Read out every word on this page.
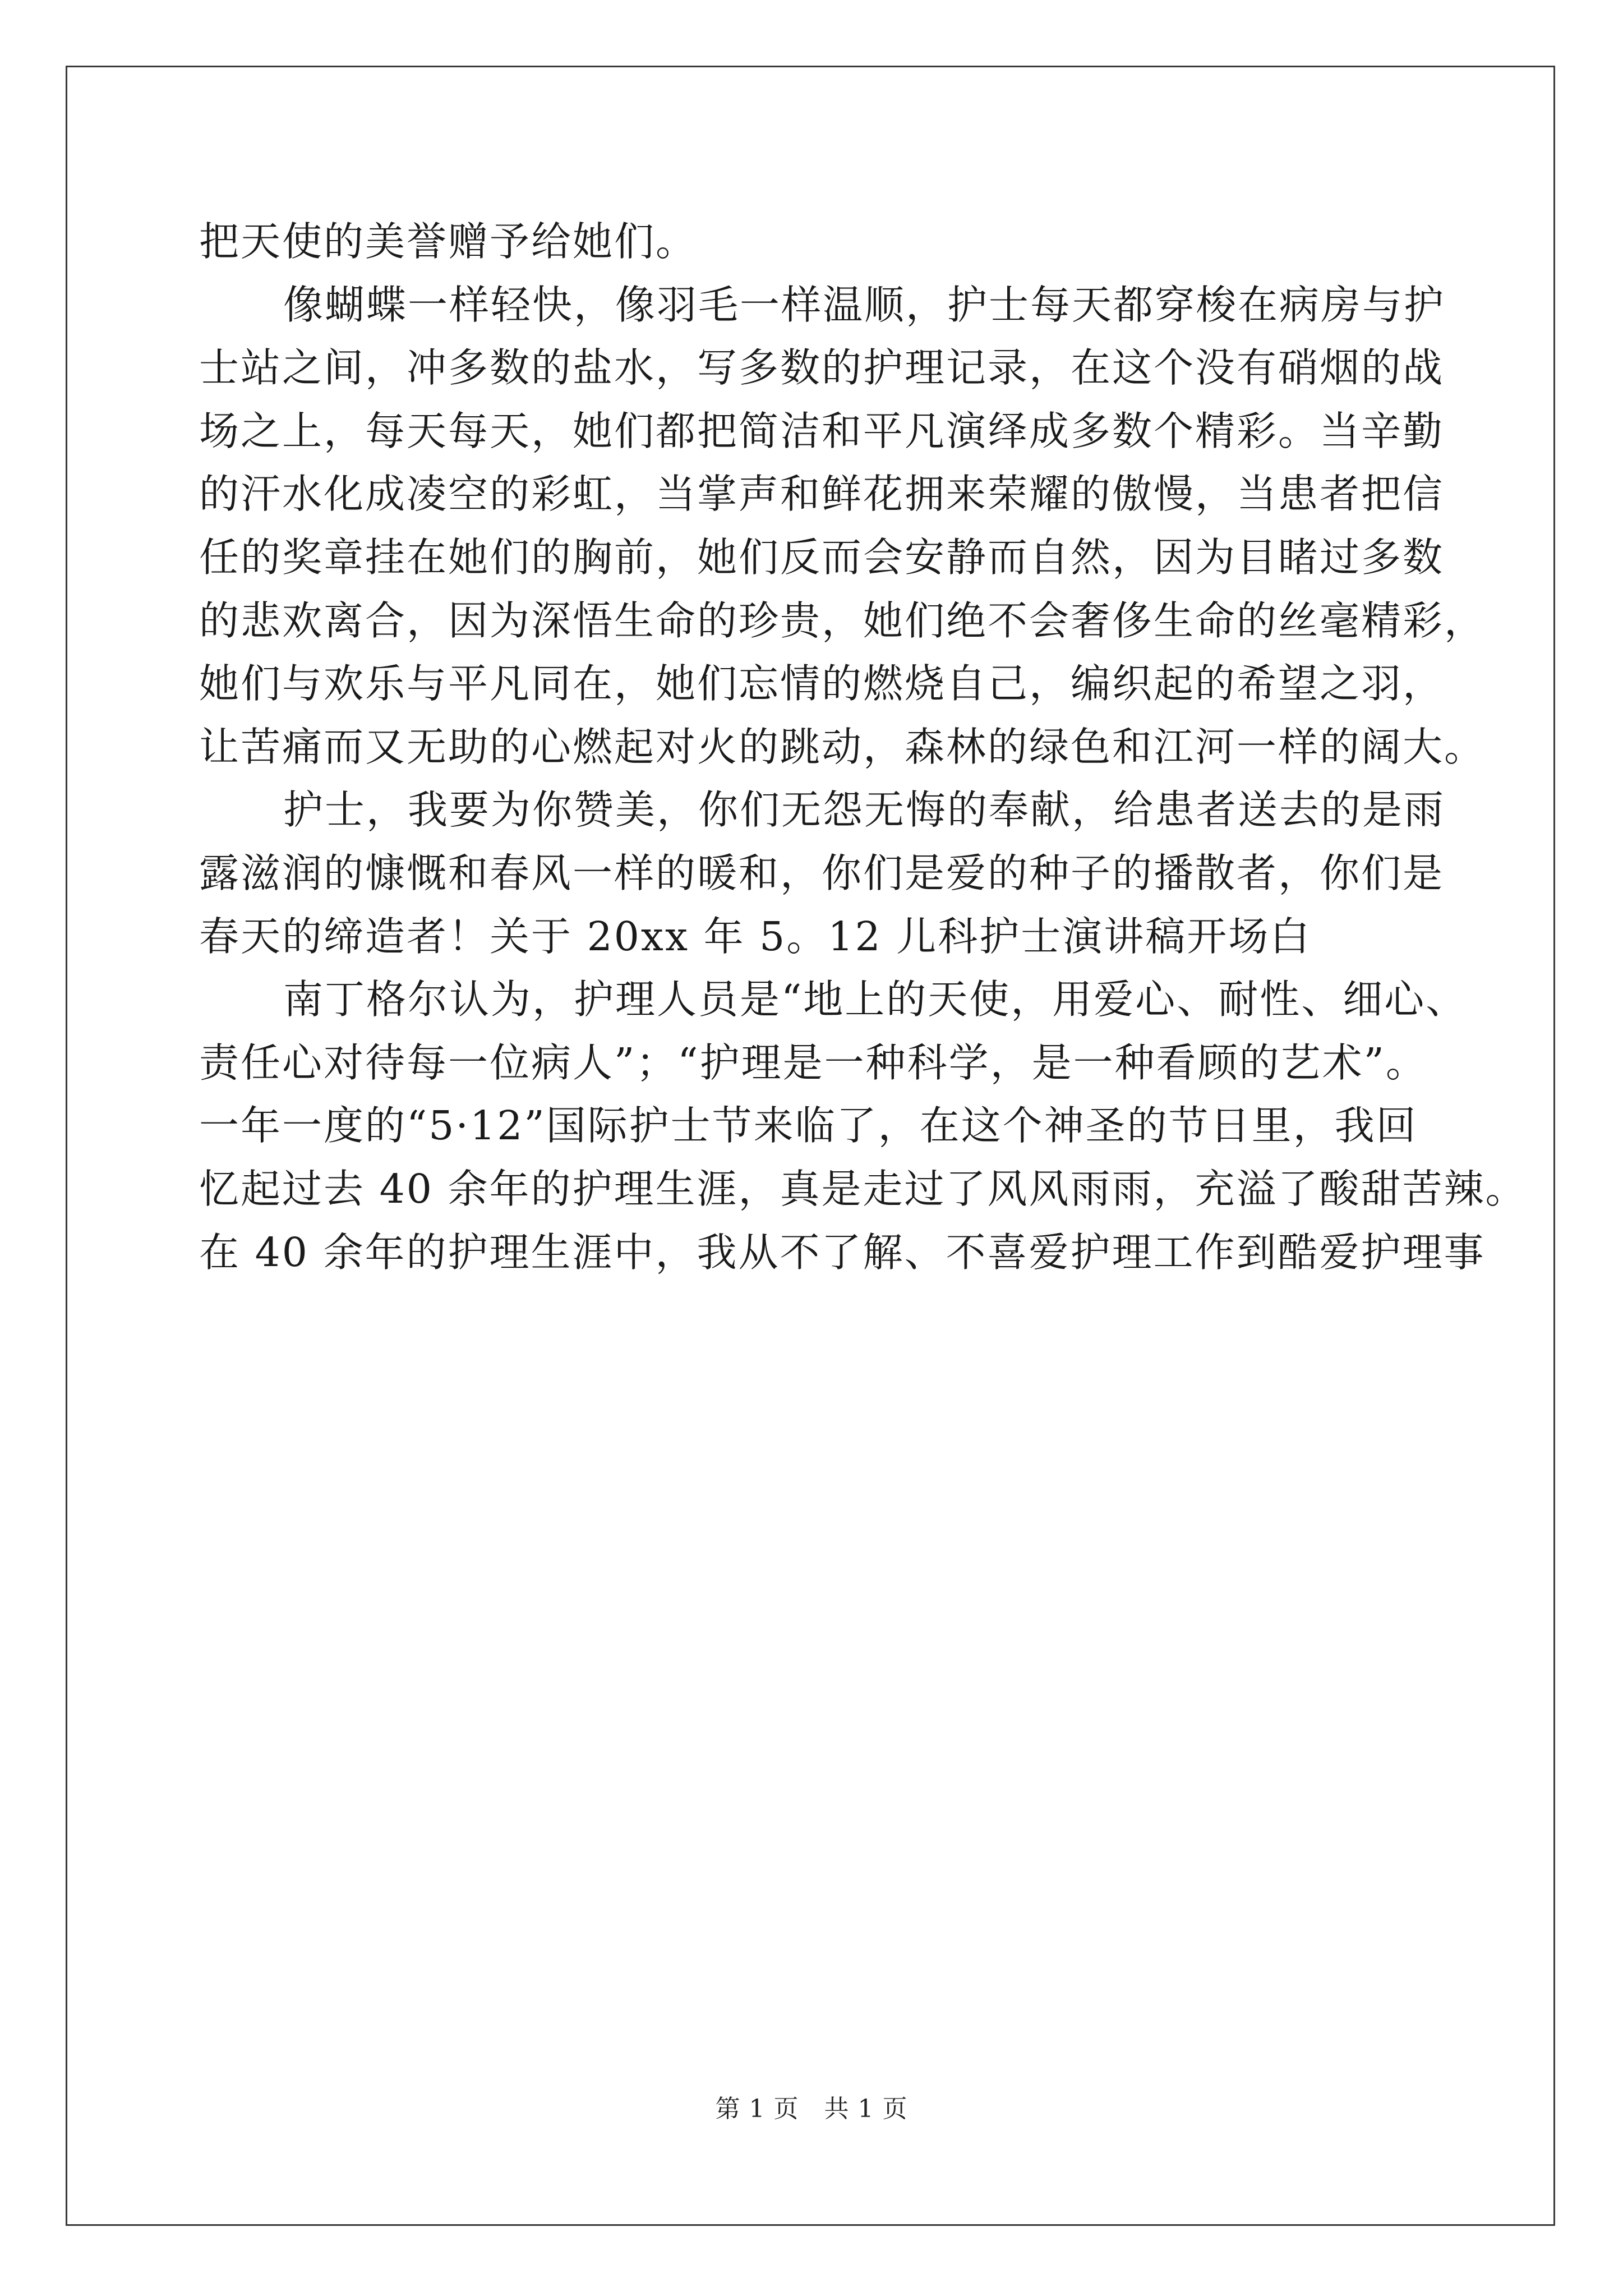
把天使的美誉赠予给她们。
像蝴蝶一样轻快，像羽毛一样温顺，护士每天都穿梭在病房与护
士站之间，冲多数的盐水，写多数的护理记录，在这个没有硝烟的战
场之上，每天每天，她们都把简洁和平凡演绎成多数个精彩。当辛勤
的汗水化成凌空的彩虹，当掌声和鲜花拥来荣耀的傲慢，当患者把信
任的奖章挂在她们的胸前，她们反而会安静而自然，因为目睹过多数
的悲欢离合，因为深悟生命的珍贵，她们绝不会奢侈生命的丝毫精彩，
她们与欢乐与平凡同在，她们忘情的燃烧自己，编织起的希望之羽，
让苦痛而又无助的心燃起对火的跳动，森林的绿色和江河一样的阔大。
护士，我要为你赞美，你们无怨无悔的奉献，给患者送去的是雨
露滋润的慷慨和春风一样的暖和，你们是爱的种子的播散者，你们是
春天的缔造者！关于 20xx 年 5。12 儿科护士演讲稿开场白
南丁格尔认为，护理人员是“地上的天使，用爱心、耐性、细心、
责任心对待每一位病人”；“护理是一种科学，是一种看顾的艺术”。
一年一度的“5·12”国际护士节来临了，在这个神圣的节日里，我回
忆起过去 40 余年的护理生涯，真是走过了风风雨雨，充溢了酸甜苦辣。
在 40 余年的护理生涯中，我从不了解、不喜爱护理工作到酷爱护理事
第 1 页　共 1 页
